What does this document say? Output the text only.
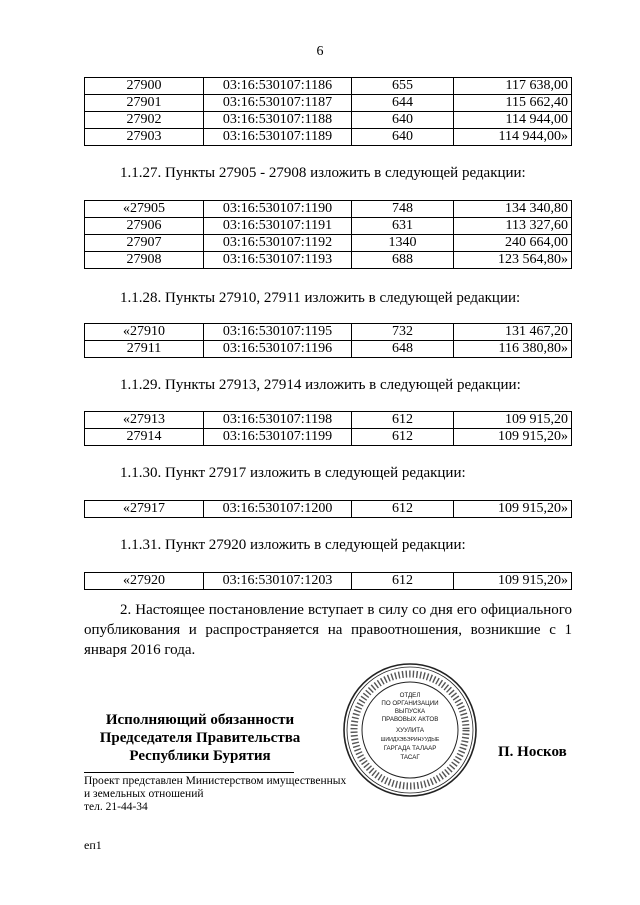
6
27900	03:16:530107:1186	655	117 638,00
27901	03:16:530107:1187	644	115 662,40
27902	03:16:530107:1188	640	114 944,00
27903	03:16:530107:1189	640	114 944,00»
1.1.27. Пункты 27905 - 27908 изложить в следующей редакции:
«27905	03:16:530107:1190	748	134 340,80
27906	03:16:530107:1191	631	113 327,60
27907	03:16:530107:1192	1340	240 664,00
27908	03:16:530107:1193	688	123 564,80»
1.1.28. Пункты 27910, 27911 изложить в следующей редакции:
«27910	03:16:530107:1195	732	131 467,20
27911	03:16:530107:1196	648	116 380,80»
1.1.29. Пункты 27913, 27914 изложить в следующей редакции:
«27913	03:16:530107:1198	612	109 915,20
27914	03:16:530107:1199	612	109 915,20»
1.1.30. Пункт 27917 изложить в следующей редакции:
«27917	03:16:530107:1200	612	109 915,20»
1.1.31. Пункт 27920 изложить в следующей редакции:
«27920	03:16:530107:1203	612	109 915,20»
2. Настоящее постановление вступает в силу со дня его официального опубликования и распространяется на правоотношения, возникшие с 1 января 2016 года.
Исполняющий обязанности
Председателя Правительства
Республики Бурятия
ОТДЕЛ
ПО ОРГАНИЗАЦИИ
ВЫПУСКА
ПРАВОВЫХ АКТОВ
ХУУЛИТА
ШИИДХЭБЭРИНУУДЫЕ
ГАРГАДА ТАЛААР
ТАСАГ	П. Носков
Проект представлен Министерством имущественных
и земельных отношений
тел. 21-44-34
еп1
